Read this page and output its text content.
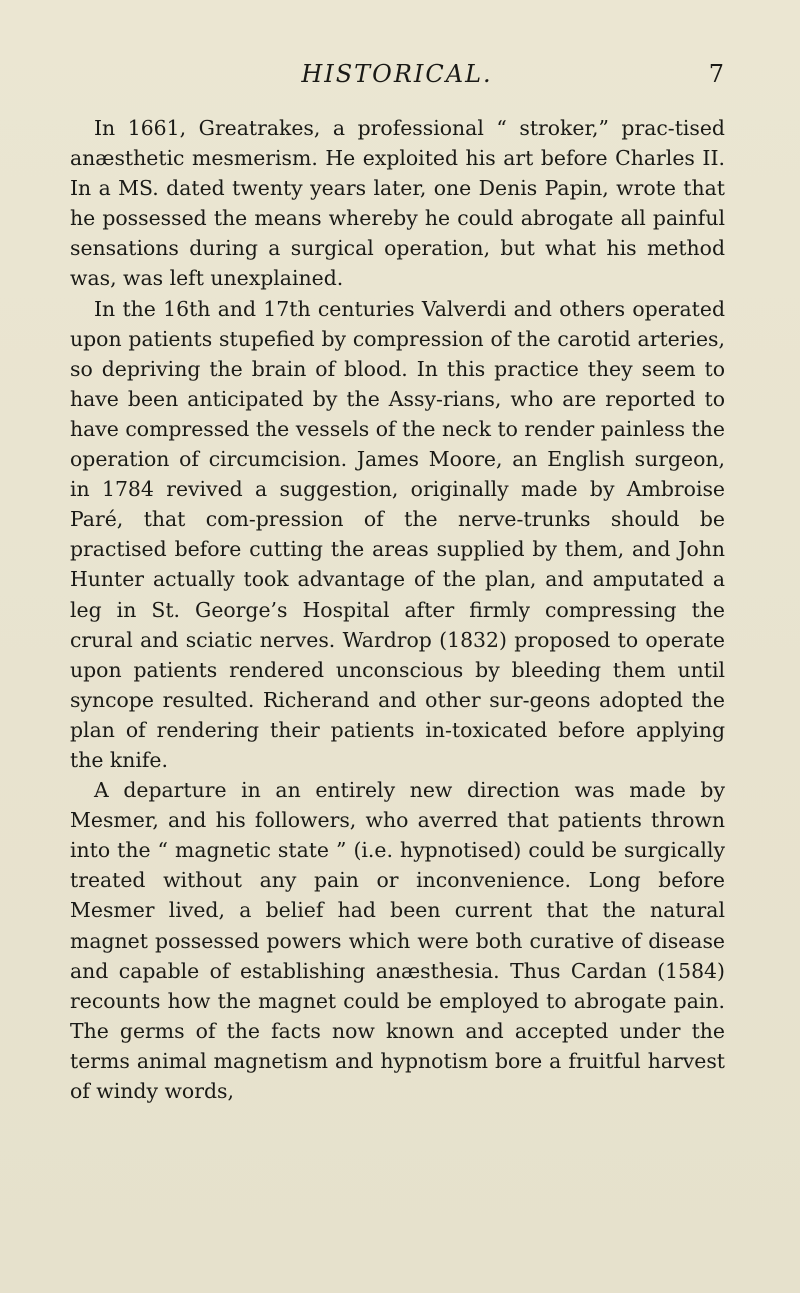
HISTORICAL.	7

In 1661, Greatrakes, a professional “ stroker,” prac-tised anæsthetic mesmerism. He exploited his art before Charles II. In a MS. dated twenty years later, one Denis Papin, wrote that he possessed the means whereby he could abrogate all painful sensations during a surgical operation, but what his method was, was left unexplained.

In the 16th and 17th centuries Valverdi and others operated upon patients stupefied by compression of the carotid arteries, so depriving the brain of blood. In this practice they seem to have been anticipated by the Assy-rians, who are reported to have compressed the vessels of the neck to render painless the operation of circumcision. James Moore, an English surgeon, in 1784 revived a suggestion, originally made by Ambroise Paré, that com-pression of the nerve-trunks should be practised before cutting the areas supplied by them, and John Hunter actually took advantage of the plan, and amputated a leg in St. George’s Hospital after firmly compressing the crural and sciatic nerves. Wardrop (1832) proposed to operate upon patients rendered unconscious by bleeding them until syncope resulted. Richerand and other sur-geons adopted the plan of rendering their patients in-toxicated before applying the knife.

A departure in an entirely new direction was made by Mesmer, and his followers, who averred that patients thrown into the “ magnetic state ” (i.e. hypnotised) could be surgically treated without any pain or inconvenience. Long before Mesmer lived, a belief had been current that the natural magnet possessed powers which were both curative of disease and capable of establishing anæsthesia. Thus Cardan (1584) recounts how the magnet could be employed to abrogate pain. The germs of the facts now known and accepted under the terms animal magnetism and hypnotism bore a fruitful harvest of windy words,
